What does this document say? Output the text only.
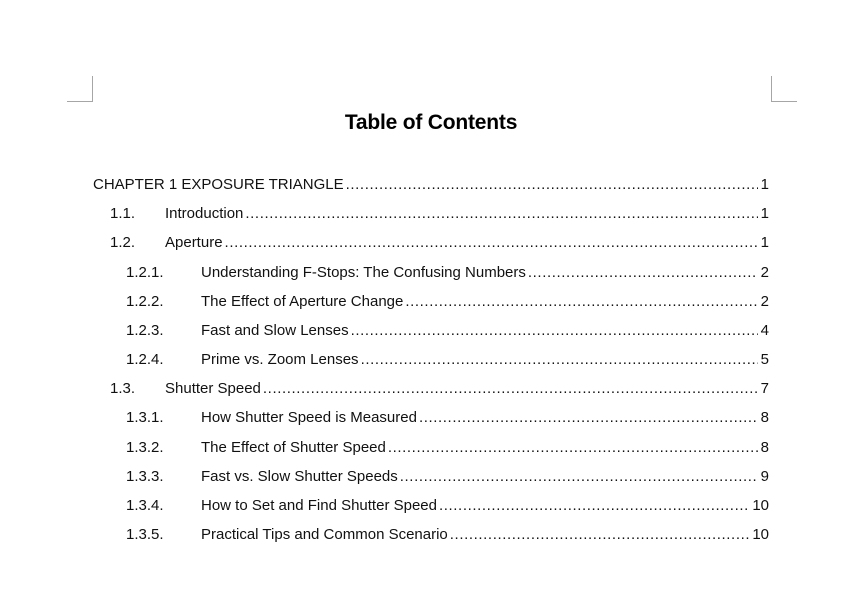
Table of Contents
CHAPTER 1 EXPOSURE TRIANGLE .....	1
1.1. Introduction .....	1
1.2. Aperture .....	1
1.2.1. Understanding F-Stops: The Confusing Numbers .....	2
1.2.2. The Effect of Aperture Change .....	2
1.2.3. Fast and Slow Lenses .....	4
1.2.4. Prime vs. Zoom Lenses .....	5
1.3. Shutter Speed .....	7
1.3.1. How Shutter Speed is Measured .....	8
1.3.2. The Effect of Shutter Speed .....	8
1.3.3. Fast vs. Slow Shutter Speeds .....	9
1.3.4. How to Set and Find Shutter Speed .....	10
1.3.5. Practical Tips and Common Scenario .....	10
